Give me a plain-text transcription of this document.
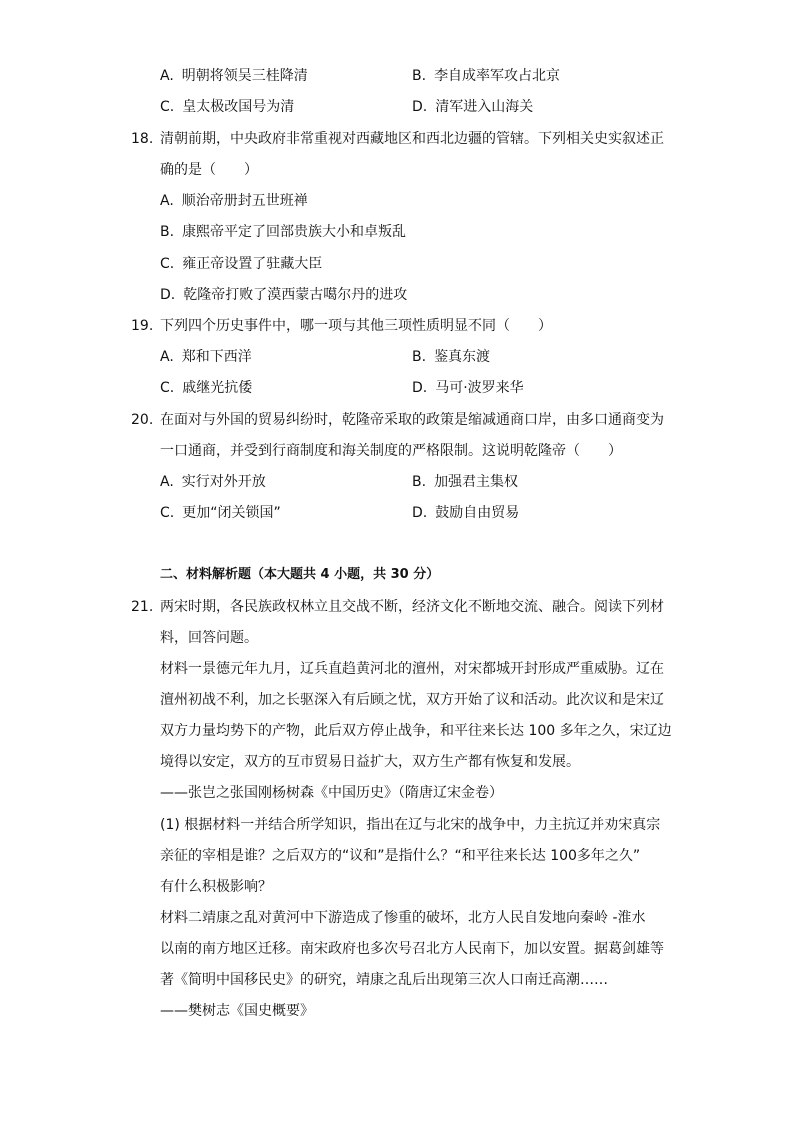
A. 明朝将领吴三桂降清	B. 李自成率军攻占北京
C. 皇太极改国号为清	D. 清军进入山海关
18. 清朝前期，中央政府非常重视对西藏地区和西北边疆的管辖。下列相关史实叙述正
确的是（　　）
A. 顺治帝册封五世班禅
B. 康熙帝平定了回部贵族大小和卓叛乱
C. 雍正帝设置了驻藏大臣
D. 乾隆帝打败了漠西蒙古噶尔丹的进攻
19. 下列四个历史事件中，哪一项与其他三项性质明显不同（　　）
A. 郑和下西洋	B. 鉴真东渡
C. 戚继光抗倭	D. 马可·波罗来华
20. 在面对与外国的贸易纠纷时，乾隆帝采取的政策是缩减通商口岸，由多口通商变为
一口通商，并受到行商制度和海关制度的严格限制。这说明乾隆帝（　　）
A. 实行对外开放	B. 加强君主集权
C. 更加“闭关锁国”	D. 鼓励自由贸易
二、材料解析题（本大题共 4 小题，共 30 分）
21. 两宋时期，各民族政权林立且交战不断，经济文化不断地交流、融合。阅读下列材
料，回答问题。
材料一景德元年九月，辽兵直趋黄河北的澶州，对宋都城开封形成严重威胁。辽在
澶州初战不利，加之长驱深入有后顾之忧，双方开始了议和活动。此次议和是宋辽
双方力量均势下的产物，此后双方停止战争，和平往来长达 100 多年之久，宋辽边
境得以安定，双方的互市贸易日益扩大，双方生产都有恢复和发展。
——张岂之张国刚杨树森《中国历史》（隋唐辽宋金卷）
(1) 根据材料一并结合所学知识，指出在辽与北宋的战争中，力主抗辽并劝宋真宗
亲征的宰相是谁？之后双方的“议和”是指什么？“和平往来长达 100多年之久”
有什么积极影响？
材料二靖康之乱对黄河中下游造成了惨重的破坏，北方人民自发地向秦岭 -淮水
以南的南方地区迁移。南宋政府也多次号召北方人民南下，加以安置。据葛剑雄等
著《简明中国移民史》的研究，靖康之乱后出现第三次人口南迁高潮……
——樊树志《国史概要》
